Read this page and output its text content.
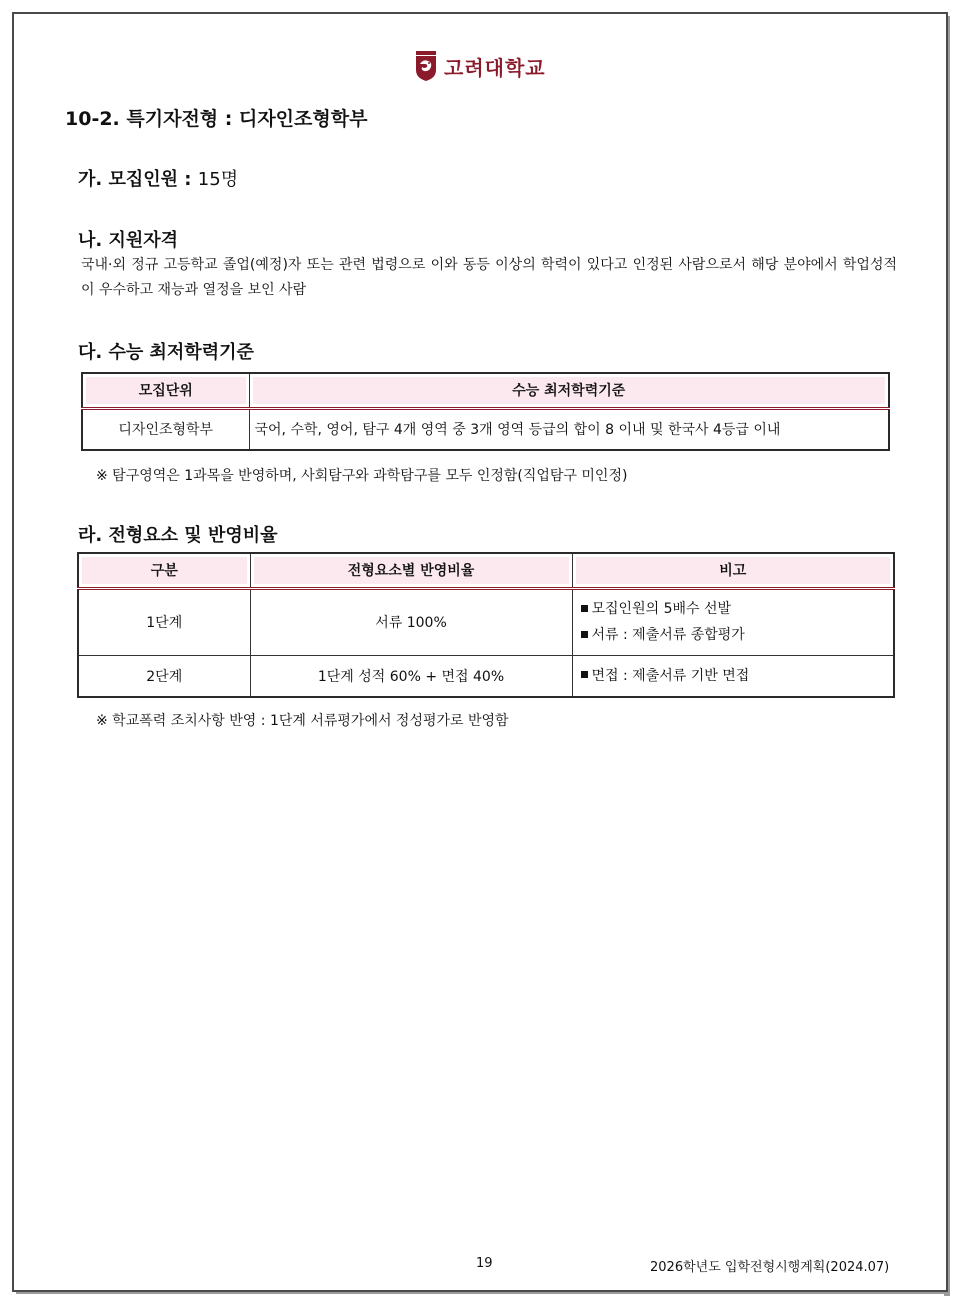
고려대학교
10-2. 특기자전형 : 디자인조형학부
가. 모집인원 : 15명
나. 지원자격
국내·외 정규 고등학교 졸업(예정)자 또는 관련 법령으로 이와 동등 이상의 학력이 있다고 인정된 사람으로서 해당 분야에서 학업성적이 우수하고 재능과 열정을 보인 사람
다. 수능 최저학력기준
모집단위	수능 최저학력기준
디자인조형학부	국어, 수학, 영어, 탐구 4개 영역 중 3개 영역 등급의 합이 8 이내 및 한국사 4등급 이내
※ 탐구영역은 1과목을 반영하며, 사회탐구와 과학탐구를 모두 인정함(직업탐구 미인정)
라. 전형요소 및 반영비율
구분	전형요소별 반영비율	비고
1단계	서류 100%	모집인원의 5배수 선발
서류 : 제출서류 종합평가

2단계	1단계 성적 60% + 면접 40%	면접 : 제출서류 기반 면접
※ 학교폭력 조치사항 반영 : 1단계 서류평가에서 정성평가로 반영함
19	2026학년도 입학전형시행계획(2024.07)
